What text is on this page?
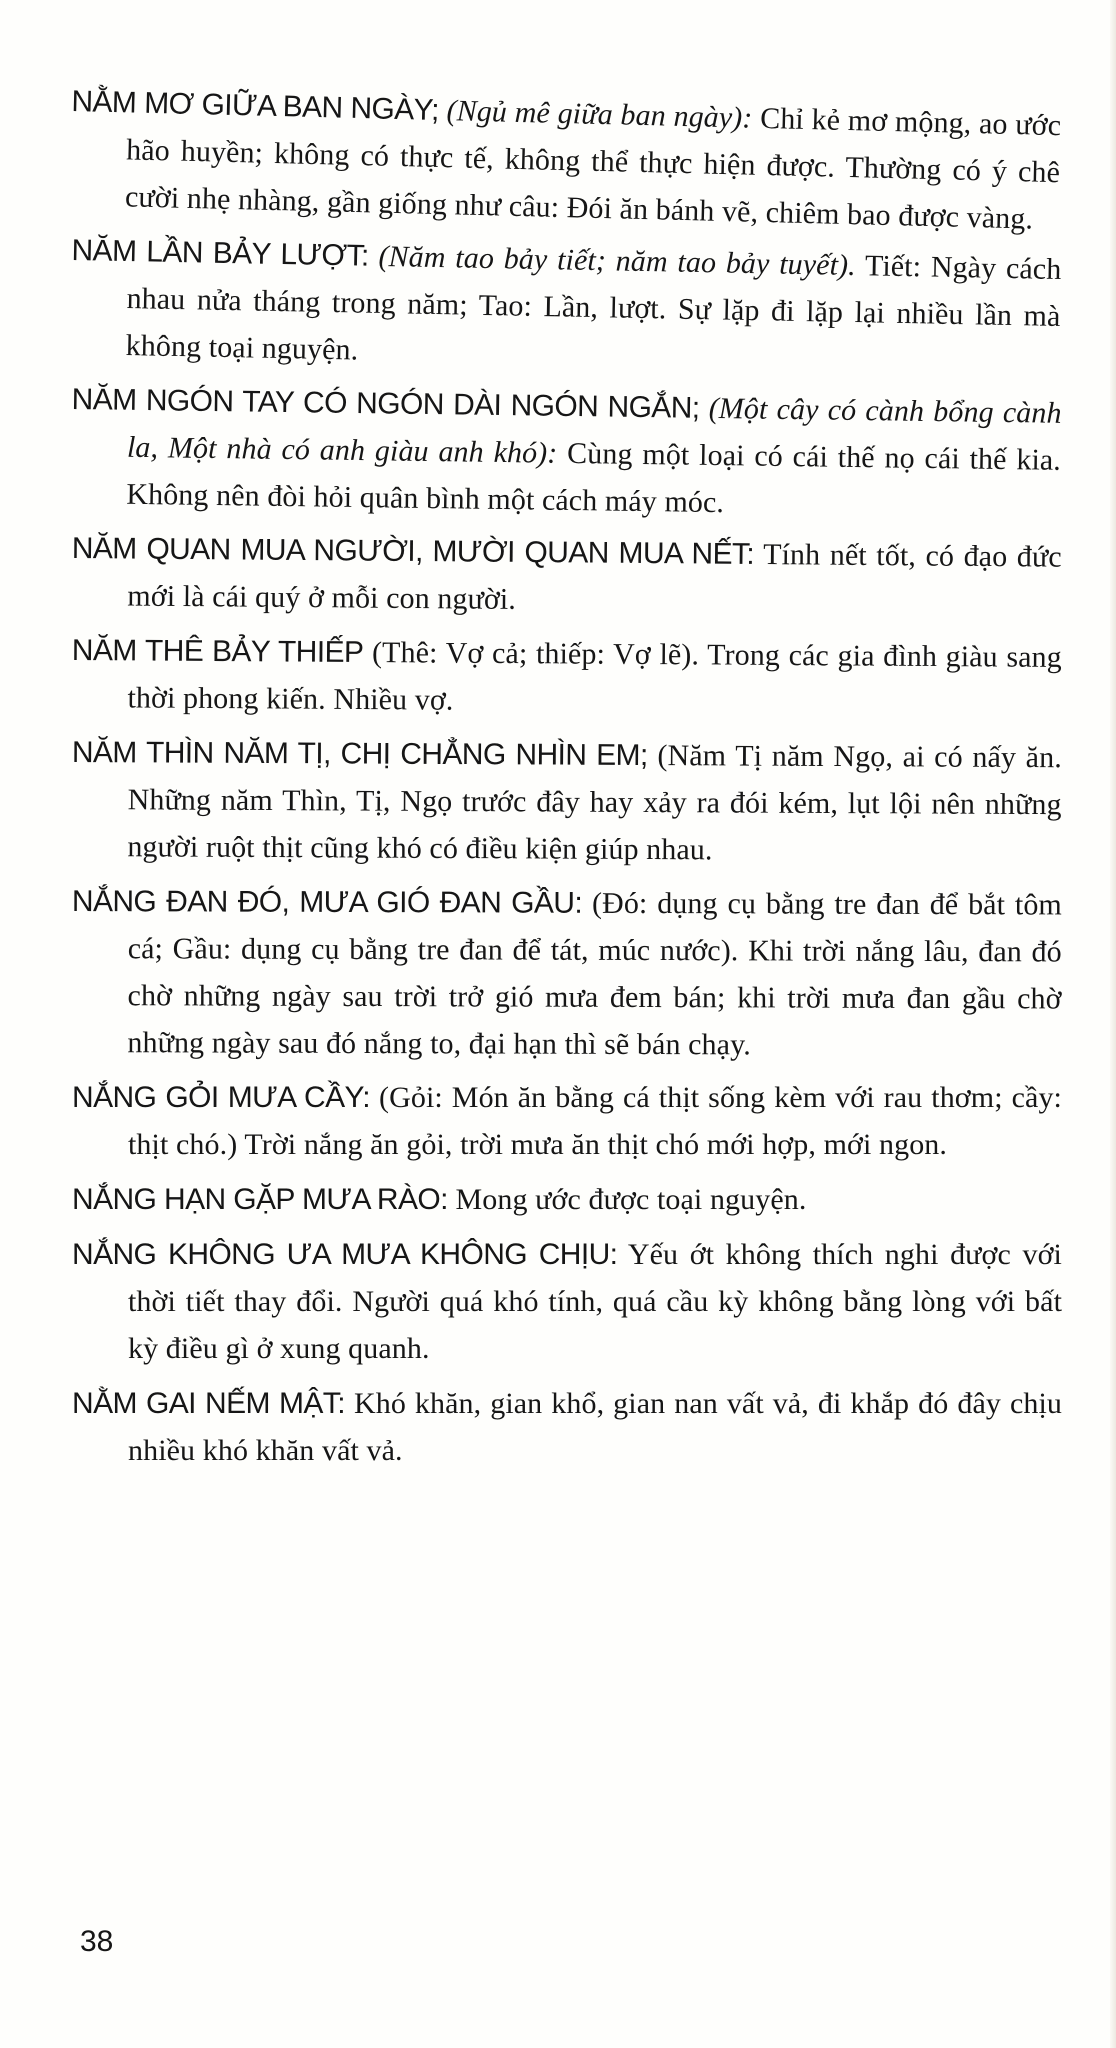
NẰM MƠ GIỮA BAN NGÀY; (Ngủ mê giữa ban ngày): Chỉ kẻ mơ mộng, ao ước hão huyền; không có thực tế, không thể thực hiện được. Thường có ý chê cười nhẹ nhàng, gần giống như câu: Đói ăn bánh vẽ, chiêm bao được vàng.

NĂM LẦN BẢY LƯỢT: (Năm tao bảy tiết; năm tao bảy tuyết). Tiết: Ngày cách nhau nửa tháng trong năm; Tao: Lần, lượt. Sự lặp đi lặp lại nhiều lần mà không toại nguyện.

NĂM NGÓN TAY CÓ NGÓN DÀI NGÓN NGẮN; (Một cây có cành bổng cành la, Một nhà có anh giàu anh khó): Cùng một loại có cái thế nọ cái thế kia. Không nên đòi hỏi quân bình một cách máy móc.

NĂM QUAN MUA NGƯỜI, MƯỜI QUAN MUA NẾT: Tính nết tốt, có đạo đức mới là cái quý ở mỗi con người.

NĂM THÊ BẢY THIẾP (Thê: Vợ cả; thiếp: Vợ lẽ). Trong các gia đình giàu sang thời phong kiến. Nhiều vợ.

NĂM THÌN NĂM TỊ, CHỊ CHẲNG NHÌN EM; (Năm Tị năm Ngọ, ai có nấy ăn. Những năm Thìn, Tị, Ngọ trước đây hay xảy ra đói kém, lụt lội nên những người ruột thịt cũng khó có điều kiện giúp nhau.

NẮNG ĐAN ĐÓ, MƯA GIÓ ĐAN GẦU: (Đó: dụng cụ bằng tre đan để bắt tôm cá; Gầu: dụng cụ bằng tre đan để tát, múc nước). Khi trời nắng lâu, đan đó chờ những ngày sau trời trở gió mưa đem bán; khi trời mưa đan gầu chờ những ngày sau đó nắng to, đại hạn thì sẽ bán chạy.

NẮNG GỎI MƯA CẦY: (Gỏi: Món ăn bằng cá thịt sống kèm với rau thơm; cầy: thịt chó.) Trời nắng ăn gỏi, trời mưa ăn thịt chó mới hợp, mới ngon.

NẮNG HẠN GẶP MƯA RÀO: Mong ước được toại nguyện.

NẮNG KHÔNG ƯA MƯA KHÔNG CHỊU: Yếu ớt không thích nghi được với thời tiết thay đổi. Người quá khó tính, quá cầu kỳ không bằng lòng với bất kỳ điều gì ở xung quanh.

NẰM GAI NẾM MẬT: Khó khăn, gian khổ, gian nan vất vả, đi khắp đó đây chịu nhiều khó khăn vất vả.

38
